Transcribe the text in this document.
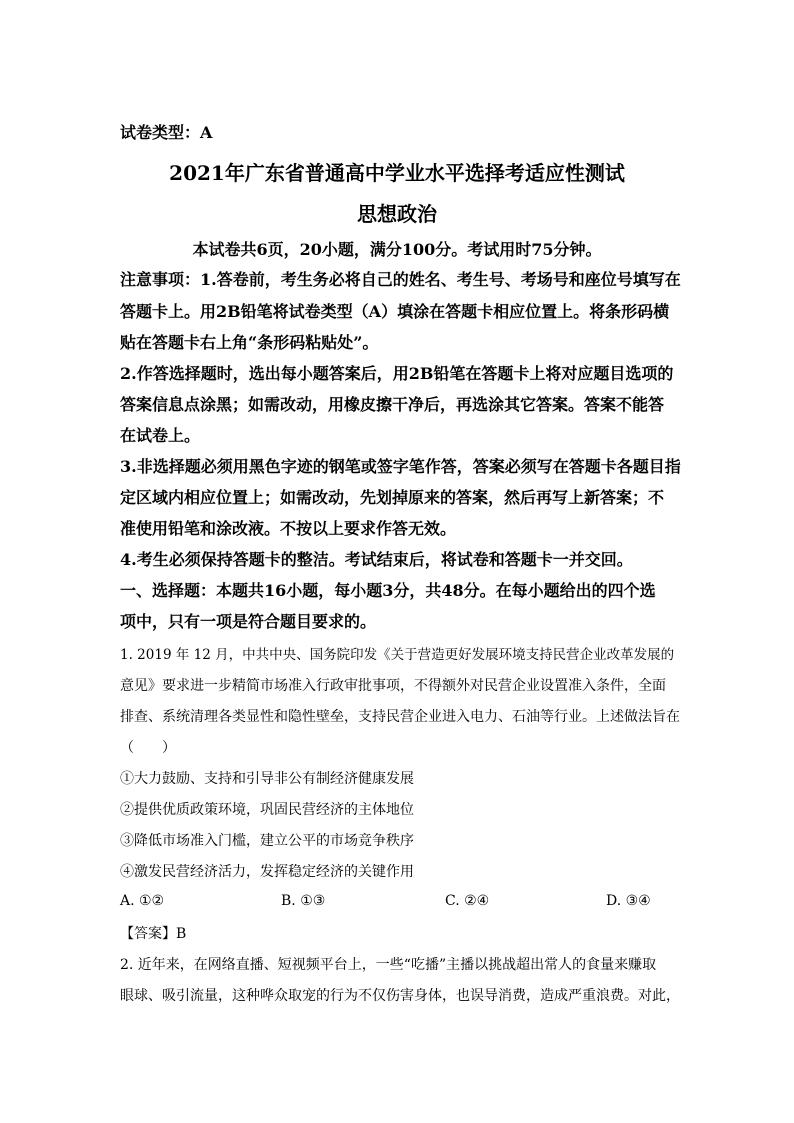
试卷类型：A
2021年广东省普通高中学业水平选择考适应性测试
思想政治
本试卷共6页，20小题，满分100分。考试用时75分钟。
注意事项：1.答卷前，考生务必将自己的姓名、考生号、考场号和座位号填写在
答题卡上。用2B铅笔将试卷类型（A）填涂在答题卡相应位置上。将条形码横
贴在答题卡右上角“条形码粘贴处”。
2.作答选择题时，选出每小题答案后，用2B铅笔在答题卡上将对应题目选项的
答案信息点涂黑；如需改动，用橡皮擦干净后，再选涂其它答案。答案不能答
在试卷上。
3.非选择题必须用黑色字迹的钢笔或签字笔作答，答案必须写在答题卡各题目指
定区域内相应位置上；如需改动，先划掉原来的答案，然后再写上新答案；不
准使用铅笔和涂改液。不按以上要求作答无效。
4.考生必须保持答题卡的整洁。考试结束后，将试卷和答题卡一并交回。
一、选择题：本题共16小题，每小题3分，共48分。在每小题给出的四个选
项中，只有一项是符合题目要求的。
1. 2019 年 12 月，中共中央、国务院印发《关于营造更好发展环境支持民营企业改革发展的
意见》要求进一步精简市场准入行政审批事项，不得额外对民营企业设置准入条件，全面
排查、系统清理各类显性和隐性壁垒，支持民营企业进入电力、石油等行业。上述做法旨在
（　　）
①大力鼓励、支持和引导非公有制经济健康发展
②提供优质政策环境，巩固民营经济的主体地位
③降低市场准入门槛，建立公平的市场竞争秩序
④激发民营经济活力，发挥稳定经济的关键作用
A. ①②	B. ①③	C. ②④	D. ③④
【答案】B
2. 近年来，在网络直播、短视频平台上，一些“吃播”主播以挑战超出常人的食量来赚取
眼球、吸引流量，这种哗众取宠的行为不仅伤害身体，也误导消费，造成严重浪费。对此，
